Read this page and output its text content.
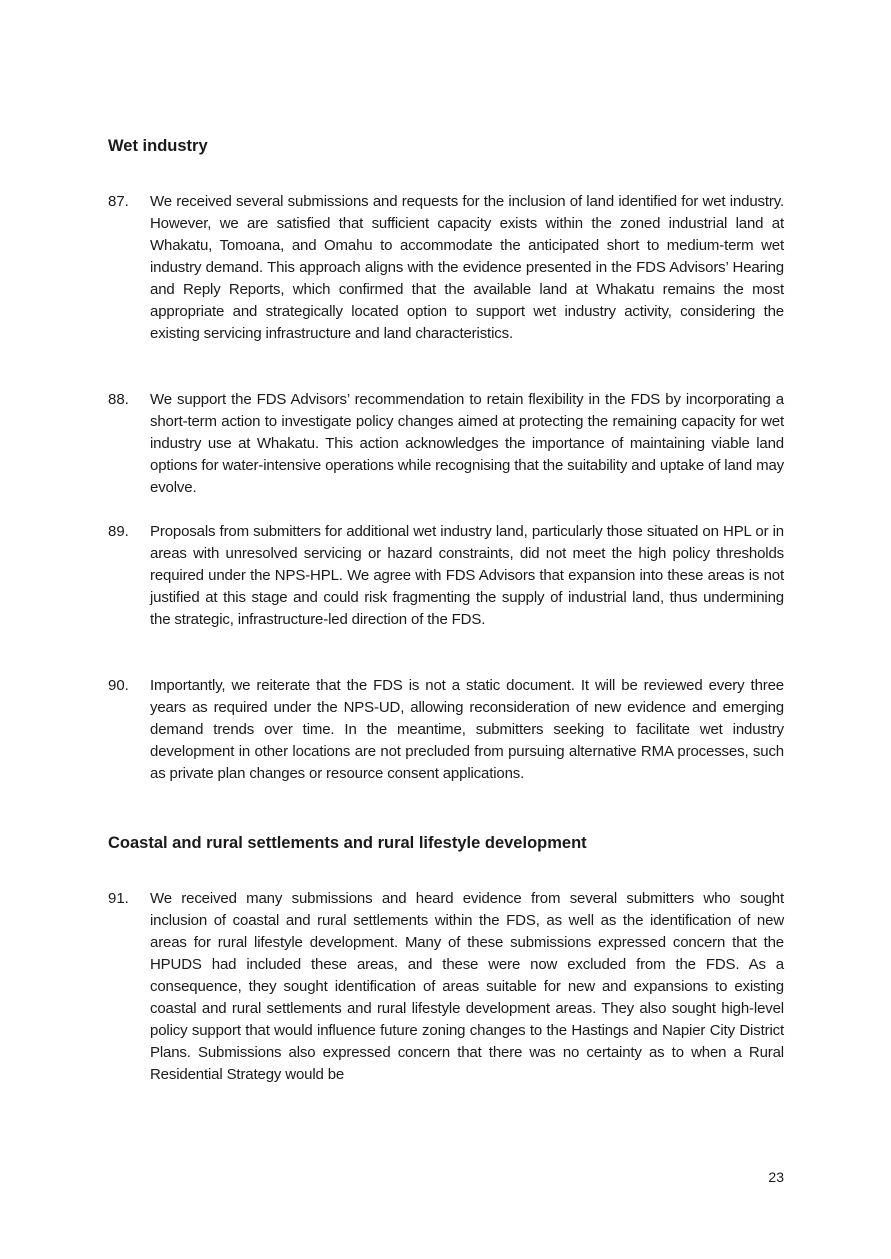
Wet industry
87. We received several submissions and requests for the inclusion of land identified for wet industry. However, we are satisfied that sufficient capacity exists within the zoned industrial land at Whakatu, Tomoana, and Omahu to accommodate the anticipated short to medium-term wet industry demand. This approach aligns with the evidence presented in the FDS Advisors’ Hearing and Reply Reports, which confirmed that the available land at Whakatu remains the most appropriate and strategically located option to support wet industry activity, considering the existing servicing infrastructure and land characteristics.
88. We support the FDS Advisors’ recommendation to retain flexibility in the FDS by incorporating a short-term action to investigate policy changes aimed at protecting the remaining capacity for wet industry use at Whakatu. This action acknowledges the importance of maintaining viable land options for water-intensive operations while recognising that the suitability and uptake of land may evolve.
89. Proposals from submitters for additional wet industry land, particularly those situated on HPL or in areas with unresolved servicing or hazard constraints, did not meet the high policy thresholds required under the NPS-HPL. We agree with FDS Advisors that expansion into these areas is not justified at this stage and could risk fragmenting the supply of industrial land, thus undermining the strategic, infrastructure-led direction of the FDS.
90. Importantly, we reiterate that the FDS is not a static document. It will be reviewed every three years as required under the NPS-UD, allowing reconsideration of new evidence and emerging demand trends over time. In the meantime, submitters seeking to facilitate wet industry development in other locations are not precluded from pursuing alternative RMA processes, such as private plan changes or resource consent applications.
Coastal and rural settlements and rural lifestyle development
91. We received many submissions and heard evidence from several submitters who sought inclusion of coastal and rural settlements within the FDS, as well as the identification of new areas for rural lifestyle development. Many of these submissions expressed concern that the HPUDS had included these areas, and these were now excluded from the FDS. As a consequence, they sought identification of areas suitable for new and expansions to existing coastal and rural settlements and rural lifestyle development areas. They also sought high-level policy support that would influence future zoning changes to the Hastings and Napier City District Plans. Submissions also expressed concern that there was no certainty as to when a Rural Residential Strategy would be
23
